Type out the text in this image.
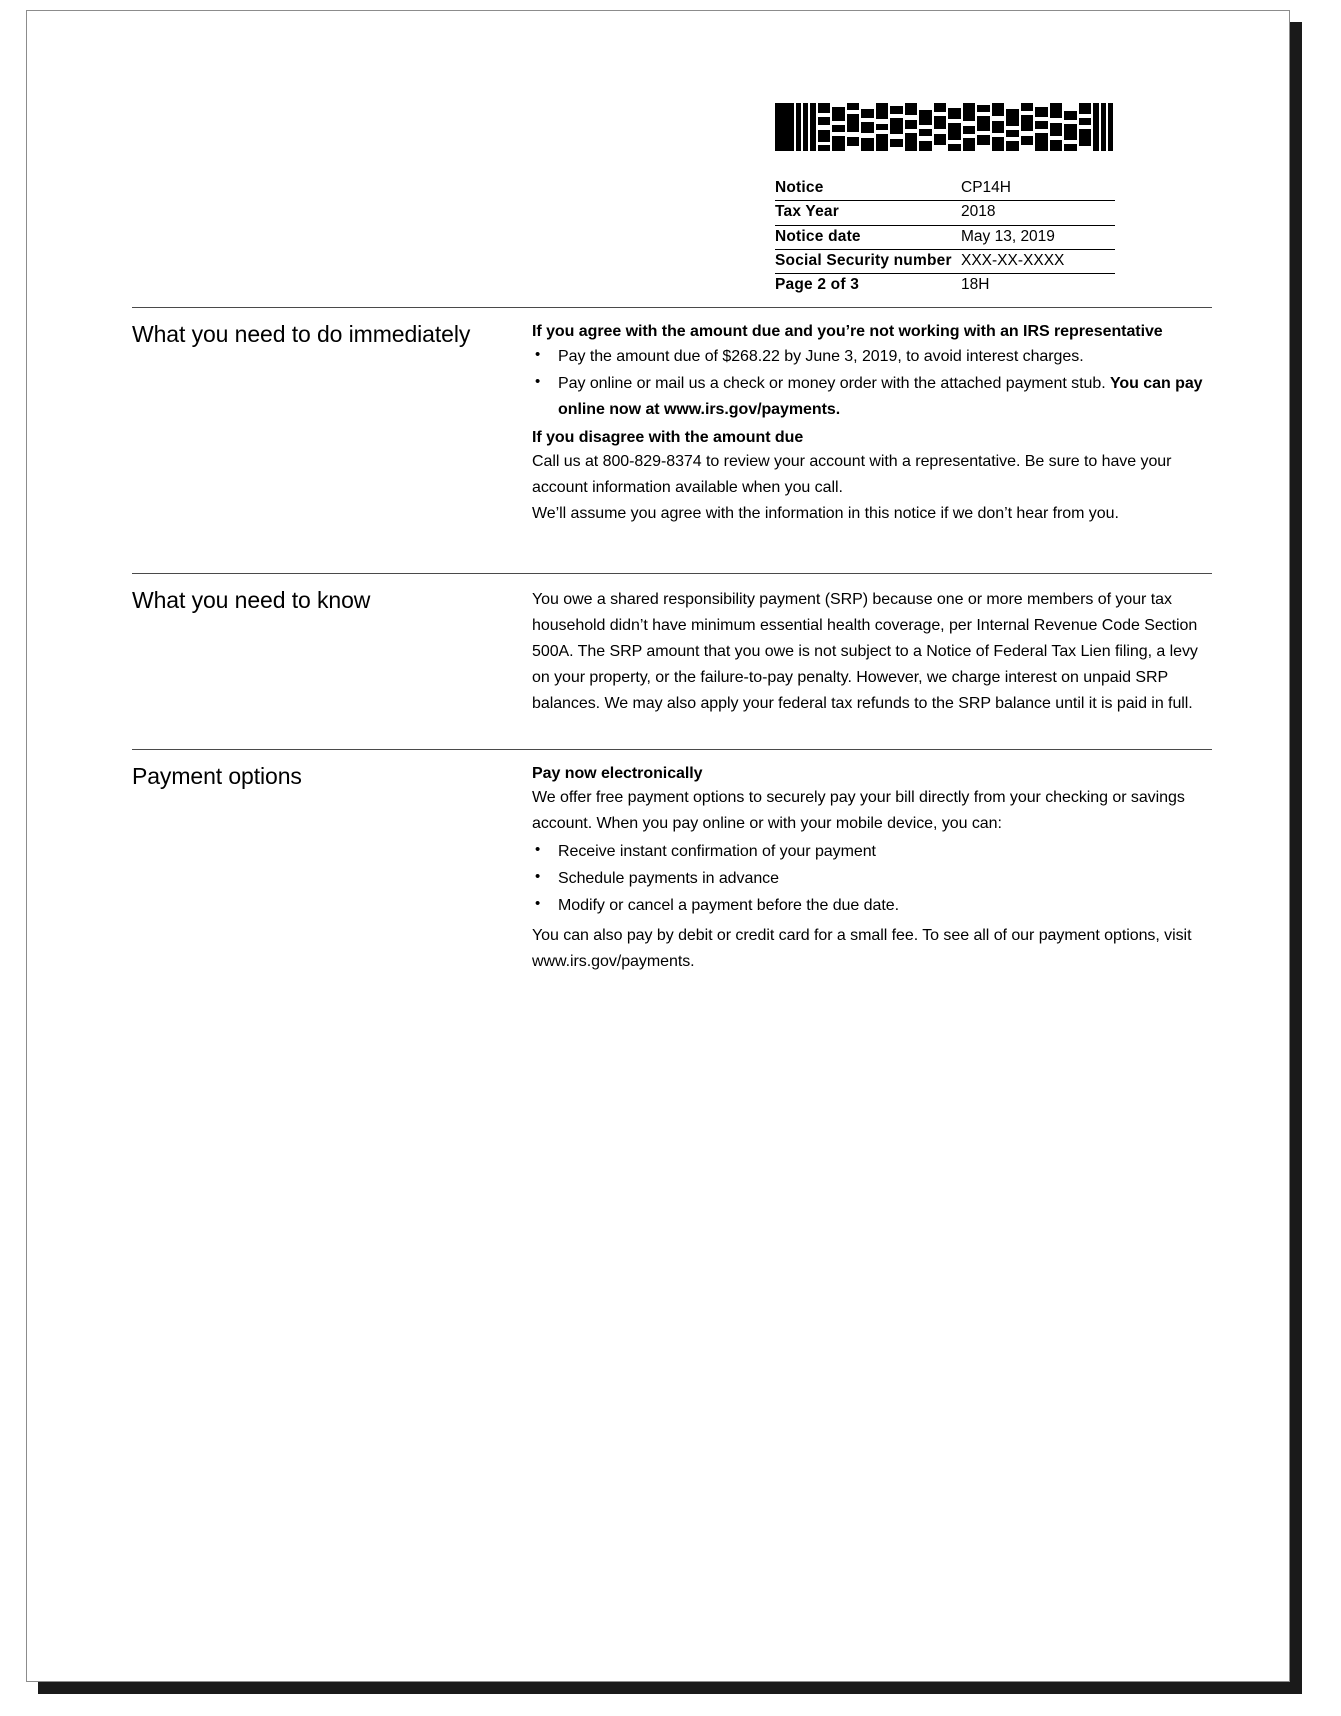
Notice	CP14H
Tax Year	2018
Notice date	May 13, 2019
Social Security number	XXX-XX-XXXX
Page 2 of 3	18H
What you need to do immediately	If you agree with the amount due and you’re not working with an IRS representative
• Pay the amount due of $268.22 by June 3, 2019, to avoid interest charges.
• Pay online or mail us a check or money order with the attached payment stub. You can pay online now at www.irs.gov/payments.
If you disagree with the amount due

Call us at 800-829-8374 to review your account with a representative. Be sure to have your account information available when you call.

We’ll assume you agree with the information in this notice if we don’t hear from you.

What you need to know	You owe a shared responsibility payment (SRP) because one or more members of your tax household didn’t have minimum essential health coverage, per Internal Revenue Code Section 500A. The SRP amount that you owe is not subject to a Notice of Federal Tax Lien filing, a levy on your property, or the failure-to-pay penalty. However, we charge interest on unpaid SRP balances. We may also apply your federal tax refunds to the SRP balance until it is paid in full.

Payment options	Pay now electronically

We offer free payment options to securely pay your bill directly from your checking or savings account. When you pay online or with your mobile device, you can:

• Receive instant confirmation of your payment
• Schedule payments in advance
• Modify or cancel a payment before the due date.

You can also pay by debit or credit card for a small fee. To see all of our payment options, visit www.irs.gov/payments.
